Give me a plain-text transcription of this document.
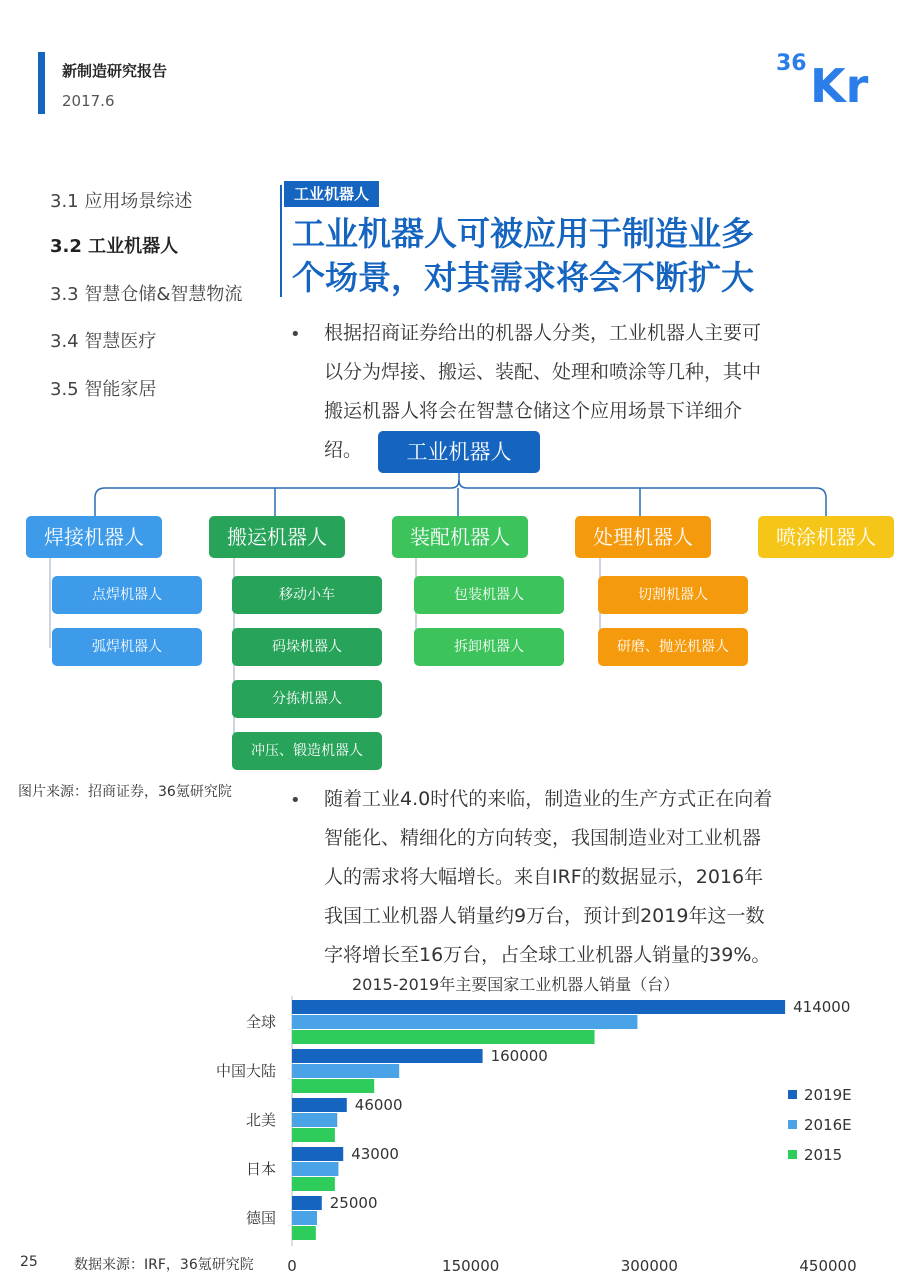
新制造研究报告
2017.6
36 Kr
3.1 应用场景综述
3.2 工业机器人
3.3 智慧仓储&智慧物流
3.4 智慧医疗
3.5 智能家居
工业机器人
工业机器人可被应用于制造业多
个场景，对其需求将会不断扩大
• 根据招商证券给出的机器人分类，工业机器人主要可
以分为焊接、搬运、装配、处理和喷涂等几种，其中
搬运机器人将会在智慧仓储这个应用场景下详细介
绍。	工业机器人
焊接机器人
点焊机器人
弧焊机器人
搬运机器人
移动小车
码垛机器人
分拣机器人
冲压、锻造机器人
装配机器人
包装机器人
拆卸机器人
处理机器人
切割机器人
研磨、抛光机器人
喷涂机器人
图片来源：招商证券，36氪研究院	• 随着工业4.0时代的来临，制造业的生产方式正在向着
智能化、精细化的方向转变，我国制造业对工业机器
人的需求将大幅增长。来自IRF的数据显示，2016年
我国工业机器人销量约9万台，预计到2019年这一数
字将增长至16万台，占全球工业机器人销量的39%。
2015-2019年主要国家工业机器人销量（台）
全球
414000
中国大陆
160000
北美
46000
日本
43000
德国
25000
0	150000	300000	450000
2019E
2016E
2015
25	数据来源：IRF，36氪研究院
